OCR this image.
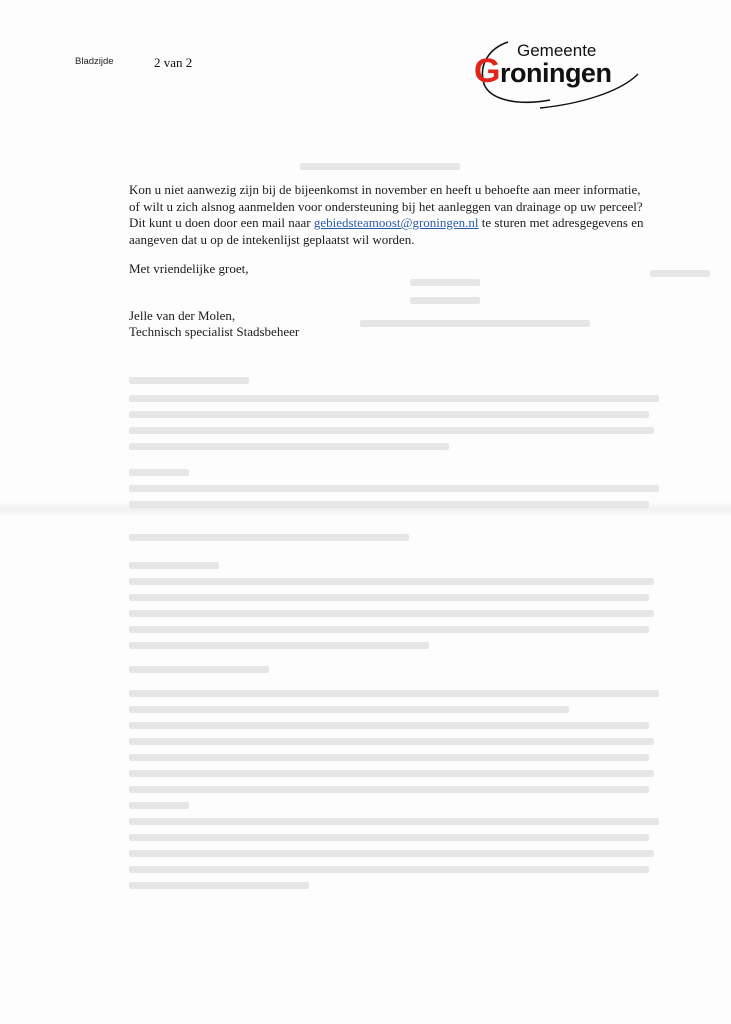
Bladzijde	2 van 2
Gemeente
Groningen

Kon u niet aanwezig zijn bij de bijeenkomst in november en heeft u behoefte aan meer informatie, of wilt u zich alsnog aanmelden voor ondersteuning bij het aanleggen van drainage op uw perceel? Dit kunt u doen door een mail naar gebiedsteamoost@groningen.nl te sturen met adresgegevens en aangeven dat u op de intekenlijst geplaatst wil worden.

Met vriendelijke groet,
Jelle van der Molen,
Technisch specialist Stadsbeheer
